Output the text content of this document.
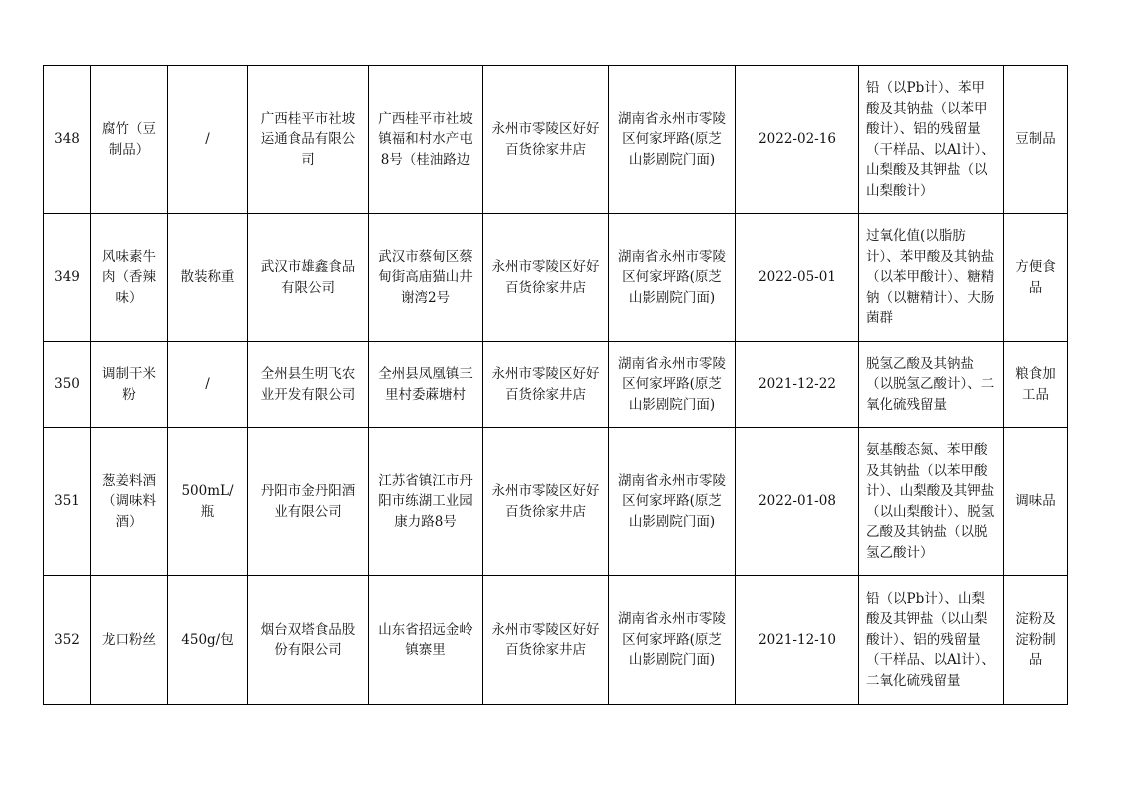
348	腐竹（豆制品）	/	广西桂平市社坡运通食品有限公司	广西桂平市社坡镇福和村水产屯8号（桂油路边	永州市零陵区好好百货徐家井店	湖南省永州市零陵区何家坪路(原芝山影剧院门面)	2022-02-16	铅（以Pb计）、苯甲酸及其钠盐（以苯甲酸计）、铝的残留量（干样品、以Al计）、山梨酸及其钾盐（以山梨酸计）	豆制品
349	风味素牛肉（香辣味）	散装称重	武汉市雄鑫食品有限公司	武汉市蔡甸区蔡甸街高庙猫山井谢湾2号	永州市零陵区好好百货徐家井店	湖南省永州市零陵区何家坪路(原芝山影剧院门面)	2022-05-01	过氧化值(以脂肪计）、苯甲酸及其钠盐（以苯甲酸计）、糖精钠（以糖精计）、大肠菌群	方便食品
350	调制干米粉	/	全州县生明飞农业开发有限公司	全州县凤凰镇三里村委蔴塘村	永州市零陵区好好百货徐家井店	湖南省永州市零陵区何家坪路(原芝山影剧院门面)	2021-12-22	脱氢乙酸及其钠盐（以脱氢乙酸计）、二氧化硫残留量	粮食加工品
351	葱姜料酒（调味料酒）	500mL/瓶	丹阳市金丹阳酒业有限公司	江苏省镇江市丹阳市练湖工业园康力路8号	永州市零陵区好好百货徐家井店	湖南省永州市零陵区何家坪路(原芝山影剧院门面)	2022-01-08	氨基酸态氮、苯甲酸及其钠盐（以苯甲酸计）、山梨酸及其钾盐（以山梨酸计）、脱氢乙酸及其钠盐（以脱氢乙酸计）	调味品
352	龙口粉丝	450g/包	烟台双塔食品股份有限公司	山东省招远金岭镇寨里	永州市零陵区好好百货徐家井店	湖南省永州市零陵区何家坪路(原芝山影剧院门面)	2021-12-10	铅（以Pb计）、山梨酸及其钾盐（以山梨酸计）、铝的残留量（干样品、以Al计）、二氧化硫残留量	淀粉及淀粉制品
